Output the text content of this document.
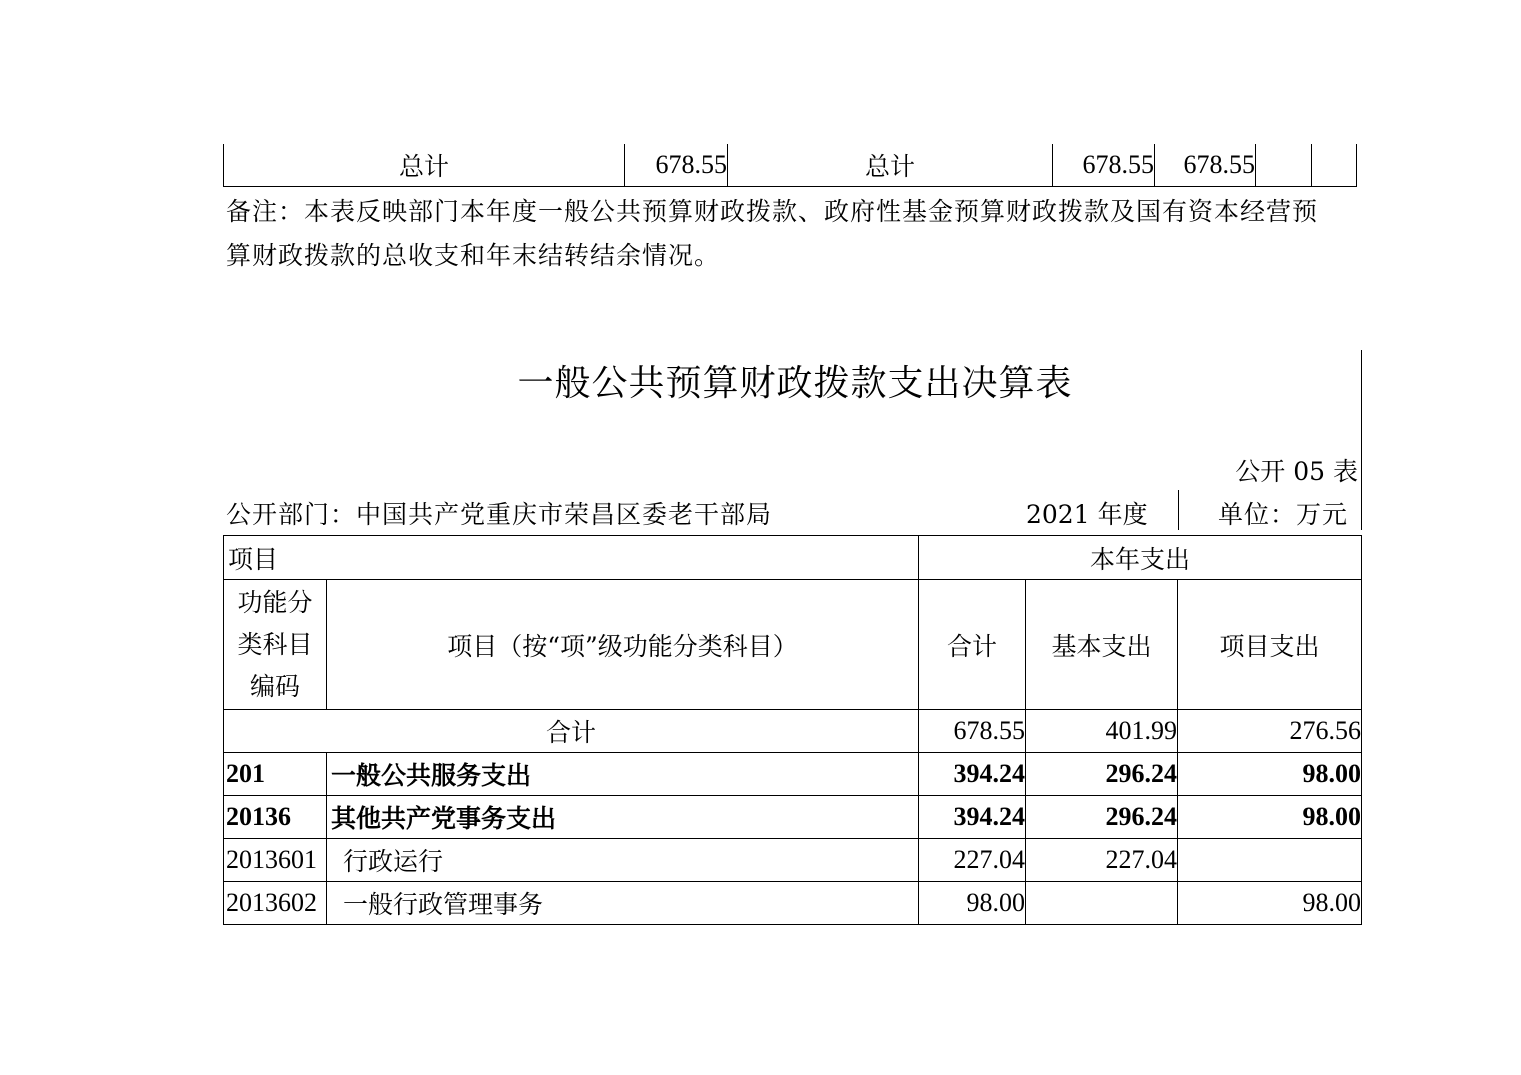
总计	678.55	总计	678.55	678.55		
备注：本表反映部门本年度一般公共预算财政拨款、政府性基金预算财政拨款及国有资本经营预算财政拨款的总收支和年末结转结余情况。
一般公共预算财政拨款支出决算表
公开 05 表
公开部门：中国共产党重庆市荣昌区委老干部局	2021 年度	单位：万元
项目		本年支出		

功能分
类科目
编码	项目（按“项”级功能分类科目）	合计	基本支出	项目支出
合计		678.55	401.99	276.56
201	一般公共服务支出	394.24	296.24	98.00
20136	其他共产党事务支出	394.24	296.24	98.00
2013601	行政运行	227.04	227.04	
2013602	一般行政管理事务	98.00		98.00
